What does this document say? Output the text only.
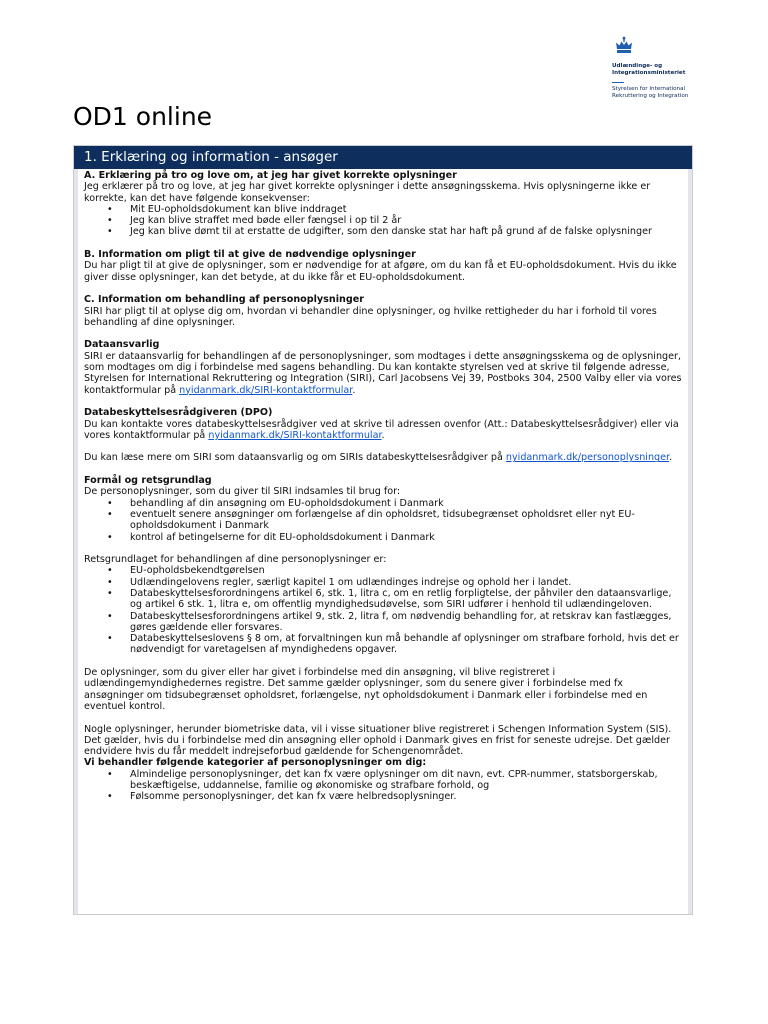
Udlændinge- og Integrationsministeriet
Styrelsen for International Rekruttering og Integration
OD1 online
1. Erklæring og information - ansøger

A. Erklæring på tro og love om, at jeg har givet korrekte oplysninger

Jeg erklærer på tro og love, at jeg har givet korrekte oplysninger i dette ansøgningsskema. Hvis oplysningerne ikke er korrekte, kan det have følgende konsekvenser:

• Mit EU-opholdsdokument kan blive inddraget
• Jeg kan blive straffet med bøde eller fængsel i op til 2 år
• Jeg kan blive dømt til at erstatte de udgifter, som den danske stat har haft på grund af de falske oplysninger

B. Information om pligt til at give de nødvendige oplysninger

Du har pligt til at give de oplysninger, som er nødvendige for at afgøre, om du kan få et EU-opholdsdokument. Hvis du ikke giver disse oplysninger, kan det betyde, at du ikke får et EU-opholdsdokument.

C. Information om behandling af personoplysninger

SIRI har pligt til at oplyse dig om, hvordan vi behandler dine oplysninger, og hvilke rettigheder du har i forhold til vores behandling af dine oplysninger.

Dataansvarlig

SIRI er dataansvarlig for behandlingen af de personoplysninger, som modtages i dette ansøgningsskema og de oplysninger, som modtages om dig i forbindelse med sagens behandling. Du kan kontakte styrelsen ved at skrive til følgende adresse, Styrelsen for International Rekruttering og Integration (SIRI), Carl Jacobsens Vej 39, Postboks 304, 2500 Valby eller via vores kontaktformular på nyidanmark.dk/SIRI-kontaktformular.

Databeskyttelsesrådgiveren (DPO)

Du kan kontakte vores databeskyttelsesrådgiver ved at skrive til adressen ovenfor (Att.: Databeskyttelsesrådgiver) eller via vores kontaktformular på nyidanmark.dk/SIRI-kontaktformular.

Du kan læse mere om SIRI som dataansvarlig og om SIRIs databeskyttelsesrådgiver på nyidanmark.dk/personoplysninger.

Formål og retsgrundlag

De personoplysninger, som du giver til SIRI indsamles til brug for:

• behandling af din ansøgning om EU-opholdsdokument i Danmark
• eventuelt senere ansøgninger om forlængelse af din opholdsret, tidsubegrænset opholdsret eller nyt EU-opholdsdokument i Danmark
• kontrol af betingelserne for dit EU-opholdsdokument i Danmark

Retsgrundlaget for behandlingen af dine personoplysninger er:

• EU-opholdsbekendtgørelsen
• Udlændingelovens regler, særligt kapitel 1 om udlændinges indrejse og ophold her i landet.
• Databeskyttelsesforordningens artikel 6, stk. 1, litra c, om en retlig forpligtelse, der påhviler den dataansvarlige, og artikel 6 stk. 1, litra e, om offentlig myndighedsudøvelse, som SIRI udfører i henhold til udlændingeloven.
• Databeskyttelsesforordningens artikel 9, stk. 2, litra f, om nødvendig behandling for, at retskrav kan fastlægges, gøres gældende eller forsvares.
• Databeskyttelseslovens § 8 om, at forvaltningen kun må behandle af oplysninger om strafbare forhold, hvis det er nødvendigt for varetagelsen af myndighedens opgaver.

De oplysninger, som du giver eller har givet i forbindelse med din ansøgning, vil blive registreret i udlændingemyndighedernes registre. Det samme gælder oplysninger, som du senere giver i forbindelse med fx ansøgninger om tidsubegrænset opholdsret, forlængelse, nyt opholdsdokument i Danmark eller i forbindelse med en eventuel kontrol.

Nogle oplysninger, herunder biometriske data, vil i visse situationer blive registreret i Schengen Information System (SIS). Det gælder, hvis du i forbindelse med din ansøgning eller ophold i Danmark gives en frist for seneste udrejse. Det gælder endvidere hvis du får meddelt indrejseforbud gældende for Schengenområdet.

Vi behandler følgende kategorier af personoplysninger om dig:

• Almindelige personoplysninger, det kan fx være oplysninger om dit navn, evt. CPR-nummer, statsborgerskab, beskæftigelse, uddannelse, familie og økonomiske og strafbare forhold, og
• Følsomme personoplysninger, det kan fx være helbredsoplysninger.
